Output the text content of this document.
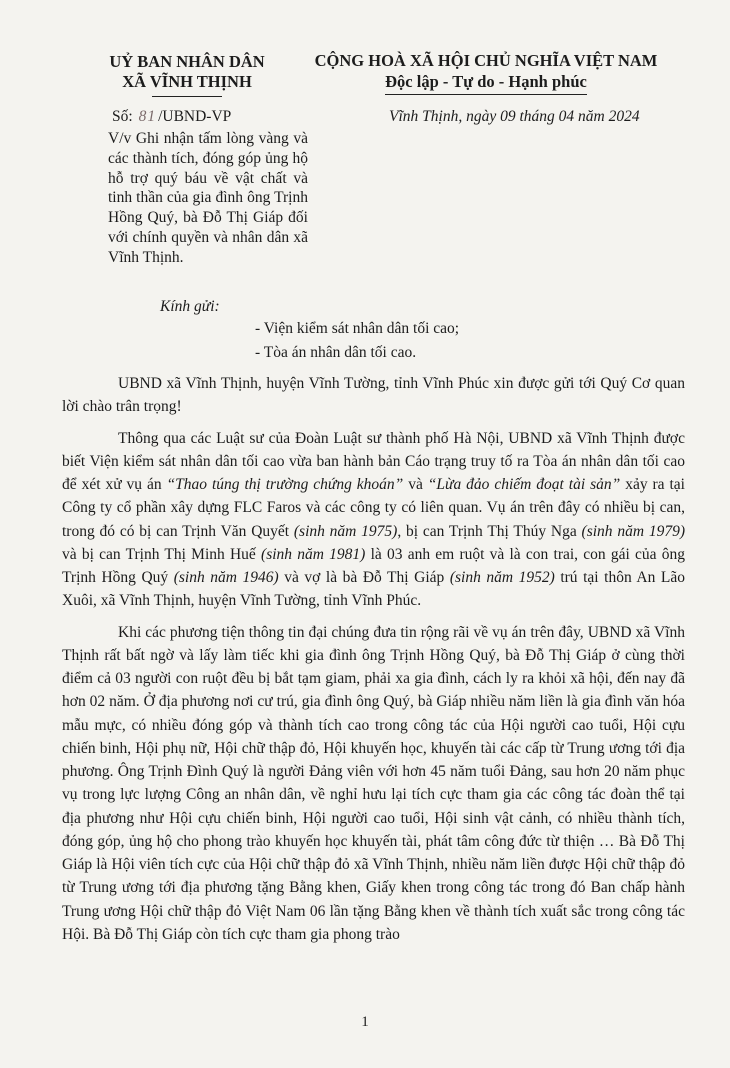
UỶ BAN NHÂN DÂN
XÃ VĨNH THỊNH
CỘNG HOÀ XÃ HỘI CHỦ NGHĨA VIỆT NAM
Độc lập - Tự do - Hạnh phúc
Số: 81 /UBND-VP	Vĩnh Thịnh, ngày 09 tháng 04 năm 2024
V/v Ghi nhận tấm lòng vàng và các thành tích, đóng góp ủng hộ hỗ trợ quý báu về vật chất và tinh thần của gia đình ông Trịnh Hồng Quý, bà Đỗ Thị Giáp đối với chính quyền và nhân dân xã Vĩnh Thịnh.
Kính gửi:
- Viện kiểm sát nhân dân tối cao;
- Tòa án nhân dân tối cao.

UBND xã Vĩnh Thịnh, huyện Vĩnh Tường, tỉnh Vĩnh Phúc xin được gửi tới Quý Cơ quan lời chào trân trọng!

Thông qua các Luật sư của Đoàn Luật sư thành phố Hà Nội, UBND xã Vĩnh Thịnh được biết Viện kiểm sát nhân dân tối cao vừa ban hành bản Cáo trạng truy tố ra Tòa án nhân dân tối cao để xét xử vụ án “Thao túng thị trường chứng khoán” và “Lừa đảo chiếm đoạt tài sản” xảy ra tại Công ty cổ phần xây dựng FLC Faros và các công ty có liên quan. Vụ án trên đây có nhiều bị can, trong đó có bị can Trịnh Văn Quyết (sinh năm 1975), bị can Trịnh Thị Thúy Nga (sinh năm 1979) và bị can Trịnh Thị Minh Huế (sinh năm 1981) là 03 anh em ruột và là con trai, con gái của ông Trịnh Hồng Quý (sinh năm 1946) và vợ là bà Đỗ Thị Giáp (sinh năm 1952) trú tại thôn An Lão Xuôi, xã Vĩnh Thịnh, huyện Vĩnh Tường, tỉnh Vĩnh Phúc.

Khi các phương tiện thông tin đại chúng đưa tin rộng rãi về vụ án trên đây, UBND xã Vĩnh Thịnh rất bất ngờ và lấy làm tiếc khi gia đình ông Trịnh Hồng Quý, bà Đỗ Thị Giáp ở cùng thời điểm cả 03 người con ruột đều bị bắt tạm giam, phải xa gia đình, cách ly ra khỏi xã hội, đến nay đã hơn 02 năm. Ở địa phương nơi cư trú, gia đình ông Quý, bà Giáp nhiều năm liền là gia đình văn hóa mẫu mực, có nhiều đóng góp và thành tích cao trong công tác của Hội người cao tuổi, Hội cựu chiến binh, Hội phụ nữ, Hội chữ thập đỏ, Hội khuyến học, khuyến tài các cấp từ Trung ương tới địa phương. Ông Trịnh Đình Quý là người Đảng viên với hơn 45 năm tuổi Đảng, sau hơn 20 năm phục vụ trong lực lượng Công an nhân dân, về nghỉ hưu lại tích cực tham gia các công tác đoàn thể tại địa phương như Hội cựu chiến binh, Hội người cao tuổi, Hội sinh vật cảnh, có nhiều thành tích, đóng góp, ủng hộ cho phong trào khuyến học khuyến tài, phát tâm công đức từ thiện … Bà Đỗ Thị Giáp là Hội viên tích cực của Hội chữ thập đỏ xã Vĩnh Thịnh, nhiều năm liền được Hội chữ thập đỏ từ Trung ương tới địa phương tặng Bằng khen, Giấy khen trong công tác trong đó Ban chấp hành Trung ương Hội chữ thập đỏ Việt Nam 06 lần tặng Bằng khen về thành tích xuất sắc trong công tác Hội. Bà Đỗ Thị Giáp còn tích cực tham gia phong trào

1
